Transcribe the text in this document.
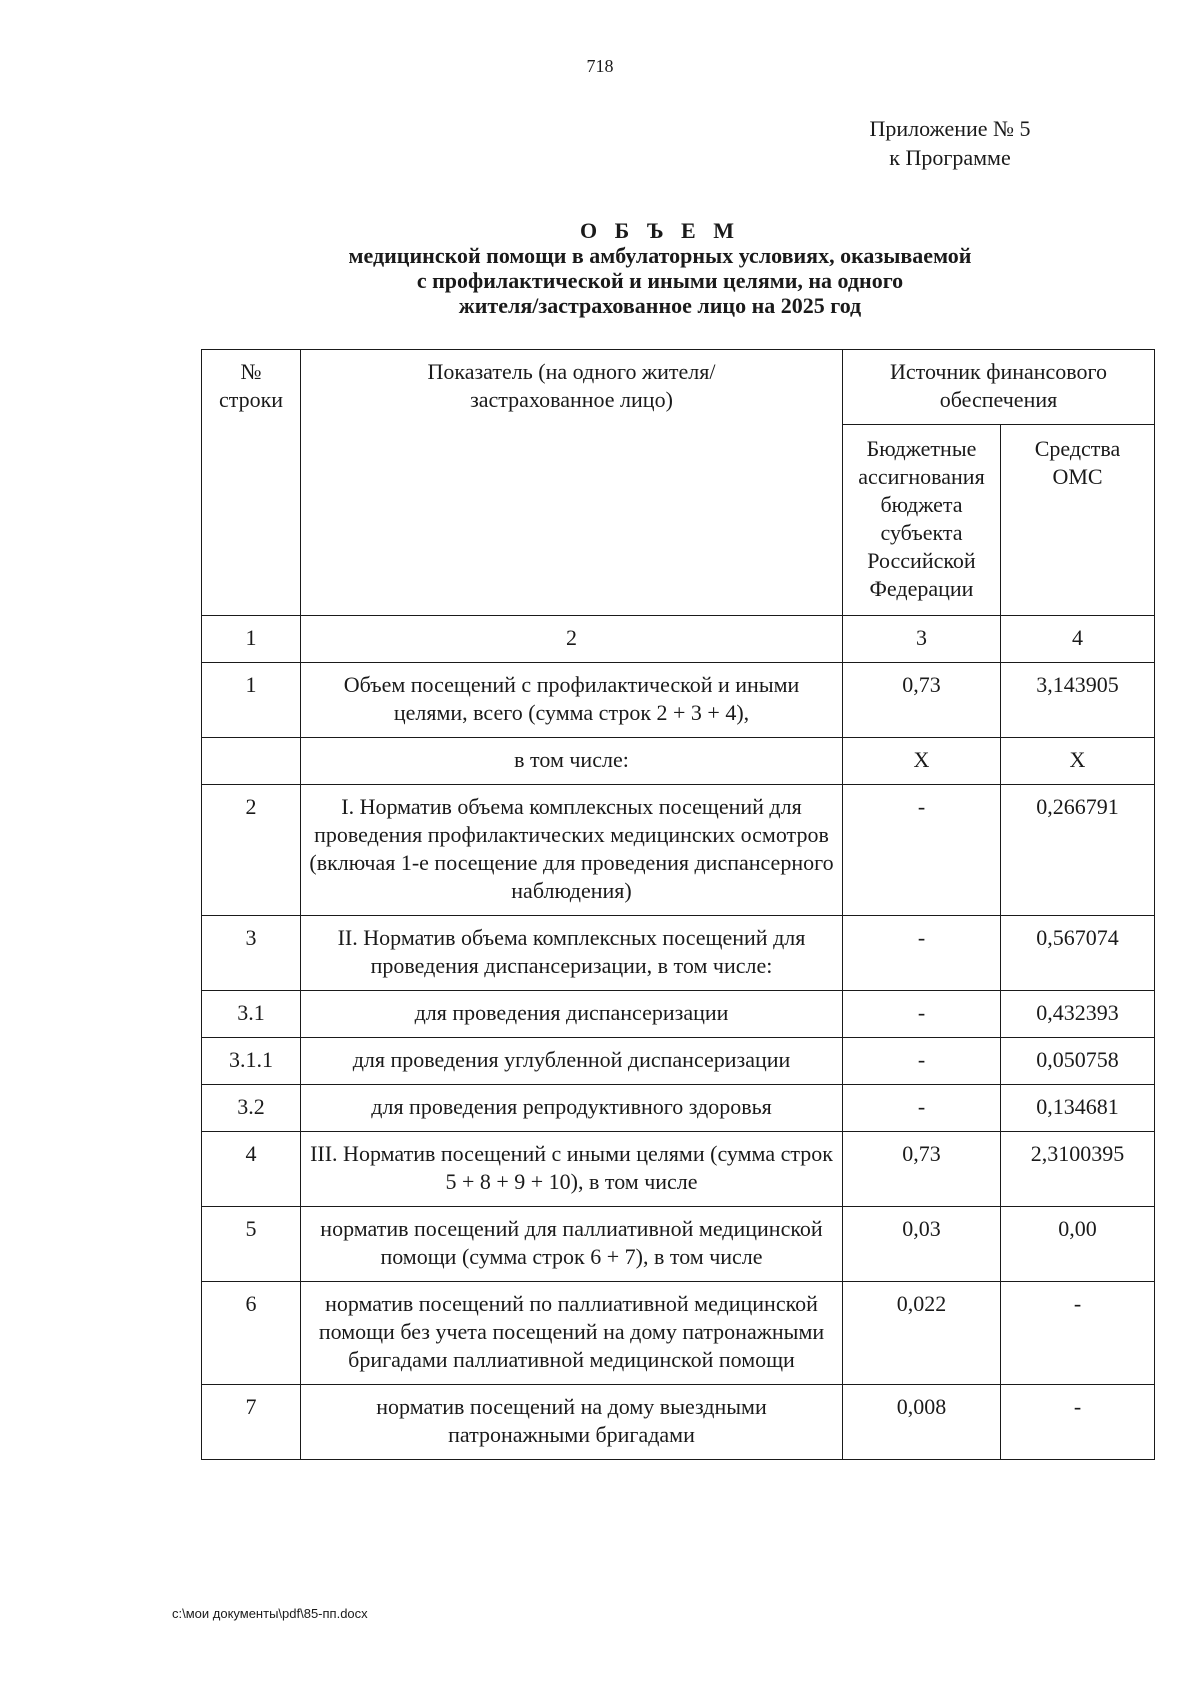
718
Приложение № 5
к Программе
О Б Ъ Е М
медицинской помощи в амбулаторных условиях, оказываемой
с профилактической и иными целями, на одного
жителя/застрахованное лицо на 2025 год
№ строки	Показатель (на одного жителя/ застрахованное лицо)	Источник финансового обеспечения	
		Бюджетные ассигнования бюджета субъекта Российской Федерации	Средства ОМС
1	2	3	4
1	Объем посещений с профилактической и иными целями, всего (сумма строк 2 + 3 + 4),	0,73	3,143905
	в том числе:	X	X
2	I. Норматив объема комплексных посещений для проведения профилактических медицинских осмотров (включая 1-е посещение для проведения диспансерного наблюдения)	-	0,266791
3	II. Норматив объема комплексных посещений для проведения диспансеризации, в том числе:	-	0,567074
3.1	для проведения диспансеризации	-	0,432393
3.1.1	для проведения углубленной диспансеризации	-	0,050758
3.2	для проведения репродуктивного здоровья	-	0,134681
4	III. Норматив посещений с иными целями (сумма строк 5 + 8 + 9 + 10), в том числе	0,73	2,3100395
5	норматив посещений для паллиативной медицинской помощи (сумма строк 6 + 7), в том числе	0,03	0,00
6	норматив посещений по паллиативной медицинской помощи без учета посещений на дому патронажными бригадами паллиативной медицинской помощи	0,022	-
7	норматив посещений на дому выездными патронажными бригадами	0,008	-
c:\мои документы\pdf\85-пп.docx
